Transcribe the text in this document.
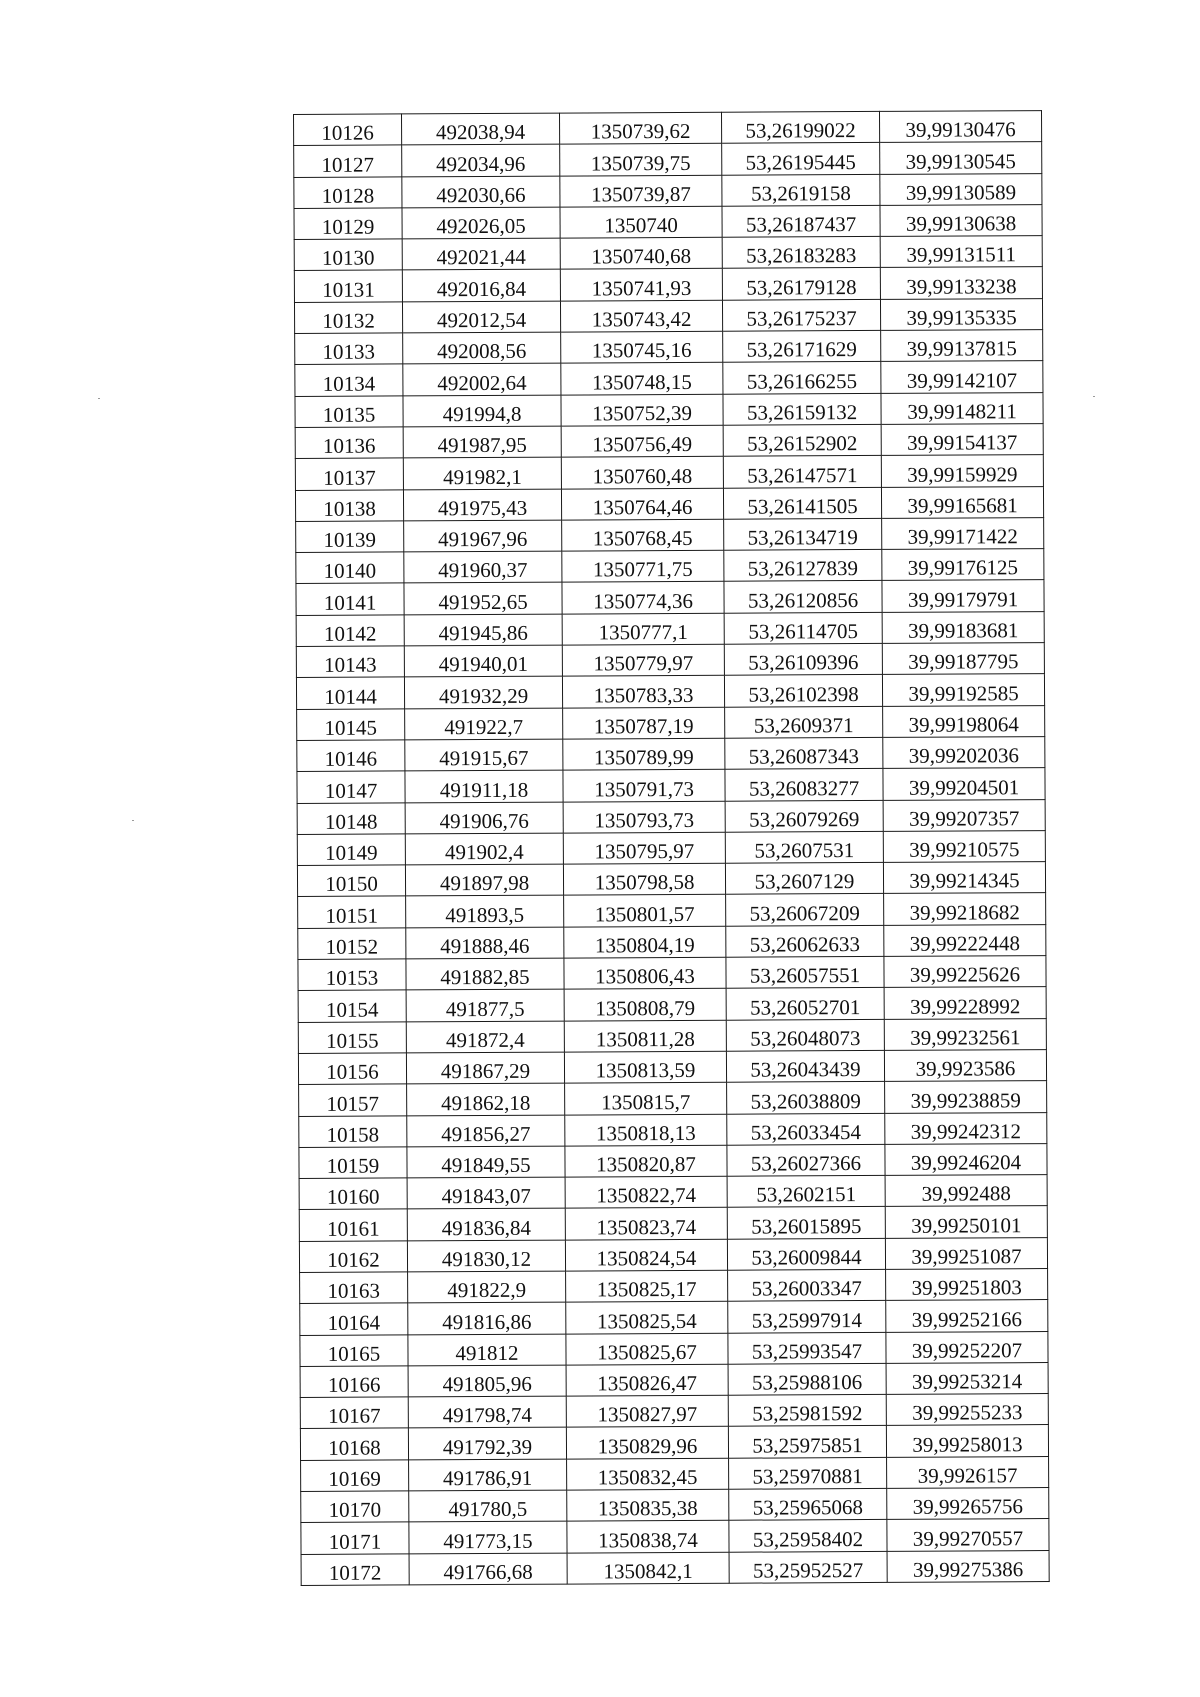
10126	492038,94	1350739,62	53,26199022	39,99130476
10127	492034,96	1350739,75	53,26195445	39,99130545
10128	492030,66	1350739,87	53,2619158	39,99130589
10129	492026,05	1350740	53,26187437	39,99130638
10130	492021,44	1350740,68	53,26183283	39,99131511
10131	492016,84	1350741,93	53,26179128	39,99133238
10132	492012,54	1350743,42	53,26175237	39,99135335
10133	492008,56	1350745,16	53,26171629	39,99137815
10134	492002,64	1350748,15	53,26166255	39,99142107
10135	491994,8	1350752,39	53,26159132	39,99148211
10136	491987,95	1350756,49	53,26152902	39,99154137
10137	491982,1	1350760,48	53,26147571	39,99159929
10138	491975,43	1350764,46	53,26141505	39,99165681
10139	491967,96	1350768,45	53,26134719	39,99171422
10140	491960,37	1350771,75	53,26127839	39,99176125
10141	491952,65	1350774,36	53,26120856	39,99179791
10142	491945,86	1350777,1	53,26114705	39,99183681
10143	491940,01	1350779,97	53,26109396	39,99187795
10144	491932,29	1350783,33	53,26102398	39,99192585
10145	491922,7	1350787,19	53,2609371	39,99198064
10146	491915,67	1350789,99	53,26087343	39,99202036
10147	491911,18	1350791,73	53,26083277	39,99204501
10148	491906,76	1350793,73	53,26079269	39,99207357
10149	491902,4	1350795,97	53,2607531	39,99210575
10150	491897,98	1350798,58	53,2607129	39,99214345
10151	491893,5	1350801,57	53,26067209	39,99218682
10152	491888,46	1350804,19	53,26062633	39,99222448
10153	491882,85	1350806,43	53,26057551	39,99225626
10154	491877,5	1350808,79	53,26052701	39,99228992
10155	491872,4	1350811,28	53,26048073	39,99232561
10156	491867,29	1350813,59	53,26043439	39,9923586
10157	491862,18	1350815,7	53,26038809	39,99238859
10158	491856,27	1350818,13	53,26033454	39,99242312
10159	491849,55	1350820,87	53,26027366	39,99246204
10160	491843,07	1350822,74	53,2602151	39,992488
10161	491836,84	1350823,74	53,26015895	39,99250101
10162	491830,12	1350824,54	53,26009844	39,99251087
10163	491822,9	1350825,17	53,26003347	39,99251803
10164	491816,86	1350825,54	53,25997914	39,99252166
10165	491812	1350825,67	53,25993547	39,99252207
10166	491805,96	1350826,47	53,25988106	39,99253214
10167	491798,74	1350827,97	53,25981592	39,99255233
10168	491792,39	1350829,96	53,25975851	39,99258013
10169	491786,91	1350832,45	53,25970881	39,9926157
10170	491780,5	1350835,38	53,25965068	39,99265756
10171	491773,15	1350838,74	53,25958402	39,99270557
10172	491766,68	1350842,1	53,25952527	39,99275386
